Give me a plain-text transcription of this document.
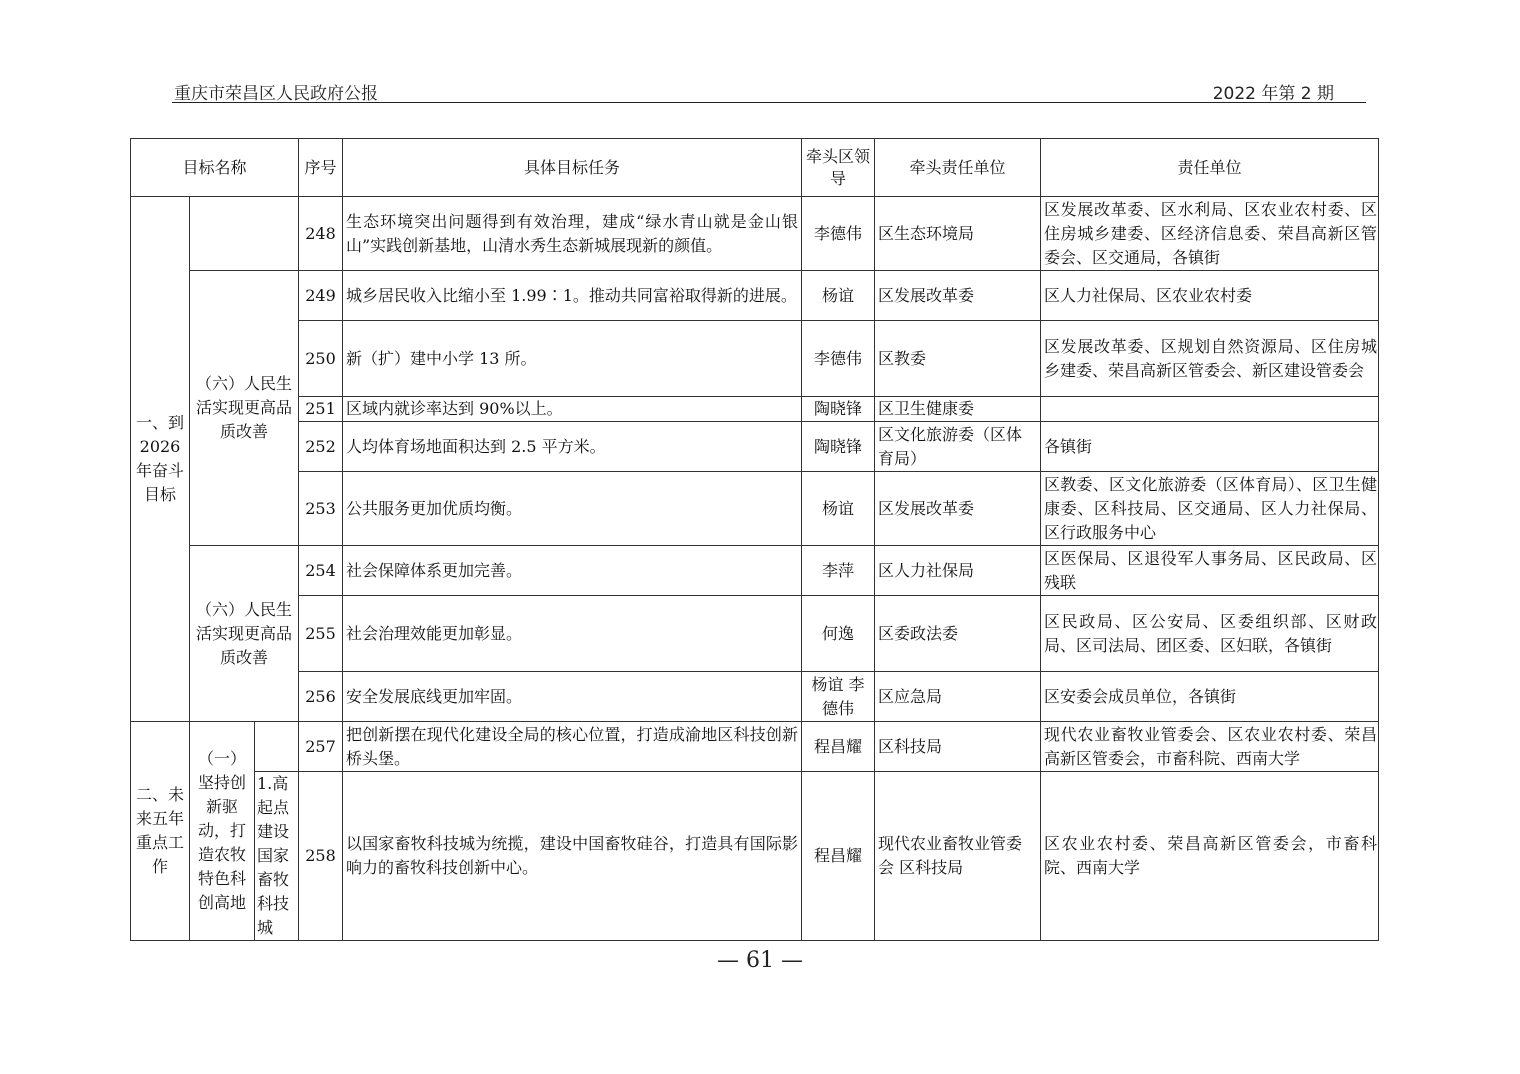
重庆市荣昌区人民政府公报	2022 年第 2 期
目标名称			序号	具体目标任务	牵头区领导	牵头责任单位	责任单位
一、到2026年奋斗目标			248	生态环境突出问题得到有效治理，建成“绿水青山就是金山银山”实践创新基地，山清水秀生态新城展现新的颜值。	李德伟	区生态环境局	区发展改革委、区水利局、区农业农村委、区住房城乡建委、区经济信息委、荣昌高新区管委会、区交通局，各镇街
	（六）人民生活实现更高品质改善		249	城乡居民收入比缩小至 1.99∶1。推动共同富裕取得新的进展。	杨谊	区发展改革委	区人力社保局、区农业农村委
			250	新（扩）建中小学 13 所。	李德伟	区教委	区发展改革委、区规划自然资源局、区住房城乡建委、荣昌高新区管委会、新区建设管委会
			251	区域内就诊率达到 90%以上。	陶晓锋	区卫生健康委	
			252	人均体育场地面积达到 2.5 平方米。	陶晓锋	区文化旅游委（区体育局）	各镇街
			253	公共服务更加优质均衡。	杨谊	区发展改革委	区教委、区文化旅游委（区体育局）、区卫生健康委、区科技局、区交通局、区人力社保局、区行政服务中心
	（六）人民生活实现更高品质改善		254	社会保障体系更加完善。	李萍	区人力社保局	区医保局、区退役军人事务局、区民政局、区残联
			255	社会治理效能更加彰显。	何逸	区委政法委	区民政局、区公安局、区委组织部、区财政局、区司法局、团区委、区妇联，各镇街
			256	安全发展底线更加牢固。	杨谊 李德伟	区应急局	区安委会成员单位，各镇街

二、未来五年重点工作	（一）坚持创新驱动，打造农牧特色科创高地		257	把创新摆在现代化建设全局的核心位置，打造成渝地区科技创新桥头堡。	程昌耀	区科技局	现代农业畜牧业管委会、区农业农村委、荣昌高新区管委会，市畜科院、西南大学
		1.高起点建设国家畜牧科技城	258	以国家畜牧科技城为统揽，建设中国畜牧硅谷，打造具有国际影响力的畜牧科技创新中心。	程昌耀	现代农业畜牧业管委会 区科技局	区农业农村委、荣昌高新区管委会，市畜科院、西南大学
— 61 —
